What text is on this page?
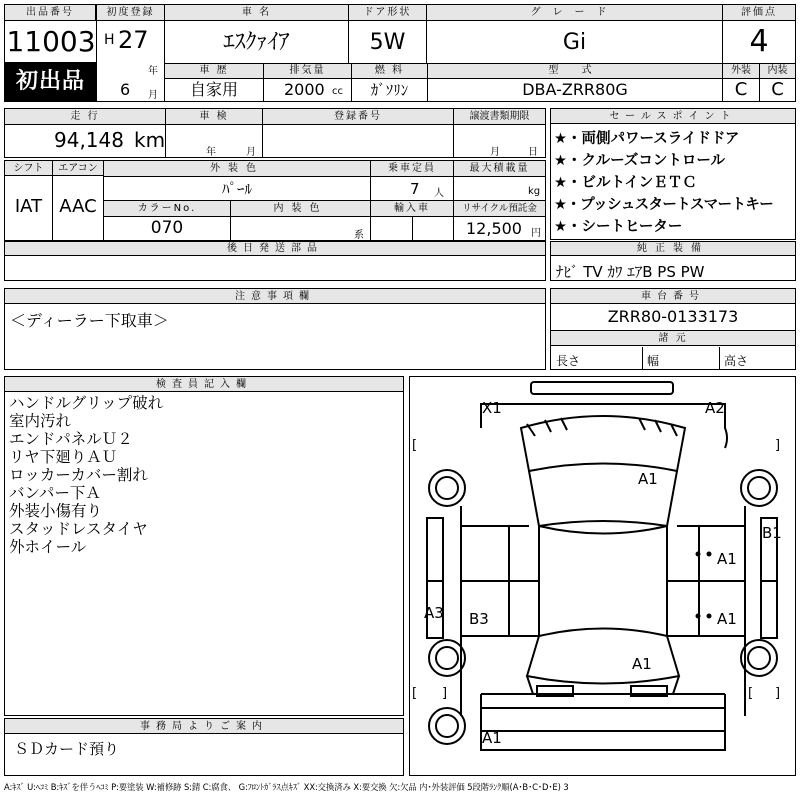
出品番号
11003
初出品
初度登録
H 27
年
6 月
車 名
ｴｽｸｧｲｱ
ドア形状
5W
グレード
Gi
評価点
4
車 歴
自家用
排気量
2000 cc
燃 料
ｶﾞｿﾘﾝ
型 式
DBA-ZRR80G
外装	内装
C	C
走 行
94,148 km
車 検
年	月
登録番号	譲渡書類期限
月	日
セールスポイント
★・両側パワースライドドア
★・クルーズコントロール
★・ビルトインＥＴＣ
★・プッシュスタートスマートキー
★・シートヒーター
シフト
IAT
エアコン
AAC
外装色
ﾊﾟｰﾙ
乗車定員
7 人
最大積載量
kg
カラーNo.
070
内装色
系
輸入車	リサイクル預託金
12,500 円
後日発送部品	純正装備
ﾅﾋﾞ TV ｶﾜ ｴｱB PS PW
注意事項欄
＜ディーラー下取車＞
車台番号
ZRR80-0133173
諸 元
長さ	幅	高さ
検査員記入欄
ハンドルグリップ破れ
室内汚れ
エンドパネルＵ２
リヤ下廻りＡＵ
ロッカーカバー割れ
バンパー下Ａ
外装小傷有り
スタッドレスタイヤ
外ホイール
事務局よりご案内
ＳＤカード預り
X1	A2
A1
B1
A1
A1
A3 B3
A1
A1
[	]
[ ]	[ ]
A:ｷｽﾞ U:ﾍｺﾐ B:ｷｽﾞを伴うﾍｺﾐ P:要塗装 W:補修跡 S:錆 C:腐食、 G:ﾌﾛﾝﾄｶﾞﾗｽ点ｷｽﾞ XX:交換済み X:要交換 欠:欠品 内･外装評価 5段階ﾗﾝｸ順(A･B･C･D･E) 3
